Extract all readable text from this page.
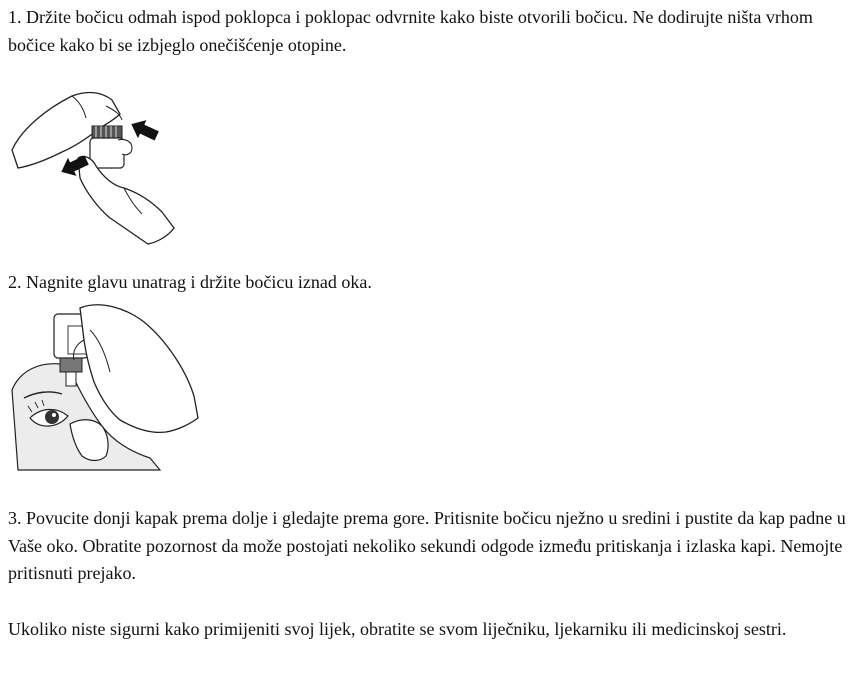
1. Držite bočicu odmah ispod poklopca i poklopac odvrnite kako biste otvorili bočicu. Ne dodirujte ništa vrhom bočice kako bi se izbjeglo onečišćenje otopine.

2. Nagnite glavu unatrag i držite bočicu iznad oka.

3. Povucite donji kapak prema dolje i gledajte prema gore. Pritisnite bočicu nježno u sredini i pustite da kap padne u Vaše oko. Obratite pozornost da može postojati nekoliko sekundi odgode između pritiskanja i izlaska kapi. Nemojte pritisnuti prejako.

Ukoliko niste sigurni kako primijeniti svoj lijek, obratite se svom liječniku, ljekarniku ili medicinskoj sestri.
